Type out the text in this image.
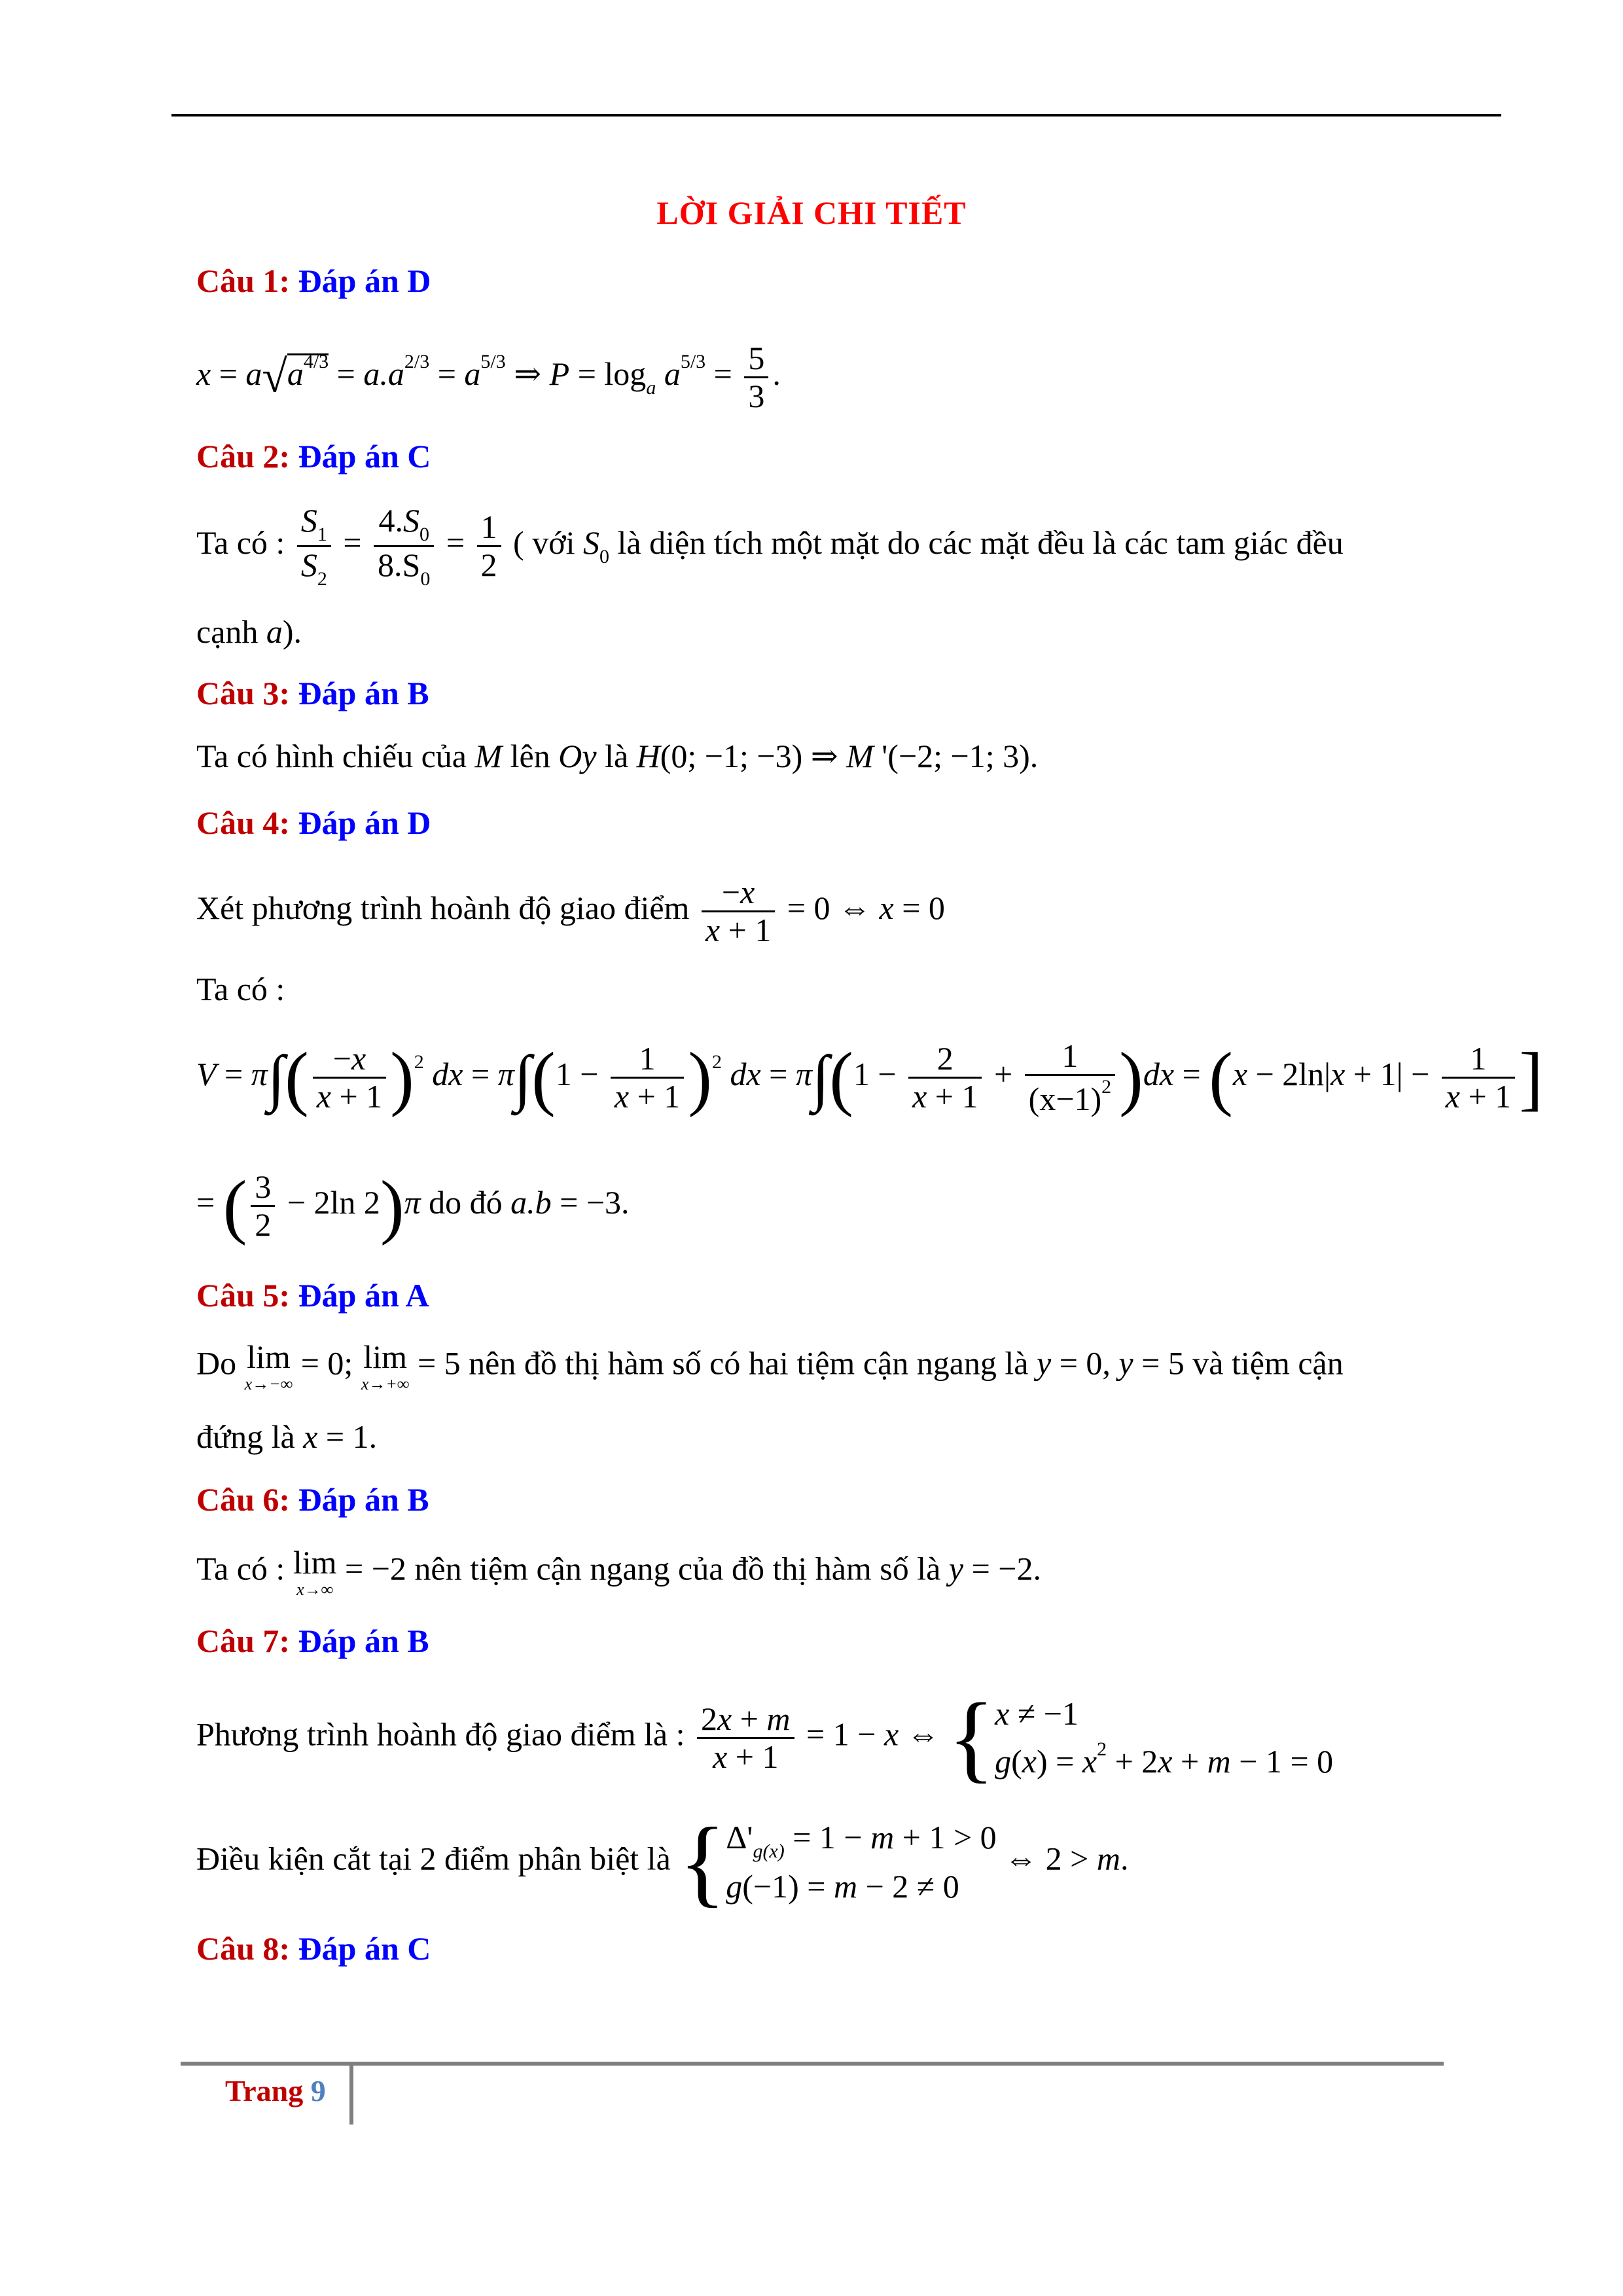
LỜI GIẢI CHI TIẾT
Câu 1: Đáp án D
$x = a√a^{4/3} = a.a^{2/3} = a^{5/3}$ ⇒ $P = \log_a a^{5/3} = \frac{5}{3}$ .
Câu 2: Đáp án C
Ta có : $\frac{S_1}{S_2} = \frac{4.S_0}{8.S_0} = \frac{1}{2}$ ( với $S_0$ là diện tích một mặt do các mặt đều là các tam giác đều
cạnh a).
Câu 3: Đáp án B
Ta có hình chiếu của M lên Oy là H(0; −1; −3) ⇒ M '(−2; −1; 3).
Câu 4: Đáp án D
Xét phương trình hoành độ giao điểm $\frac{-x}{x + 1} = 0$ ⇔ x = 0
Ta có :
$V = \pi\int( \frac{-x}{x + 1} )^2$ dx = $\pi\int(1 - \frac{1}{x + 1} )^2$ dx = $\pi\int(1 - \frac{2}{x + 1} + \frac{1}{(x-1)^2} )dx = (x - 2\ln|x + 1| - \frac{1}{x + 1}$ ]
= ( $\frac{3}{2} - 2\ln$ 2)π do đó a.b = −3.
Câu 5: Đáp án A
Do lim
x→−∞
= 0; lim
x→+∞
= 5 nên đồ thị hàm số có hai tiệm cận ngang là y = 0, y = 5 và tiệm cận
đứng là x = 1.
Câu 6: Đáp án B
Ta có : lim
x→∞
= −2 nên tiệm cận ngang của đồ thị hàm số là y = −2.
Câu 7: Đáp án B
Phương trình hoành độ giao điểm là : $\frac{2x + m}{x + 1} = 1 - x$ ⇔ { x ≠ −1
$g(x) = x^2 + 2x + m - 1 = 0$
Điều kiện cắt tại 2 điểm phân biệt là { $\Delta'_{g(x)} = 1 - m + 1 > 0$
g(−1) = m − 2 ≠ 0
⇔ 2 > m.
Câu 8: Đáp án C
Trang 9
